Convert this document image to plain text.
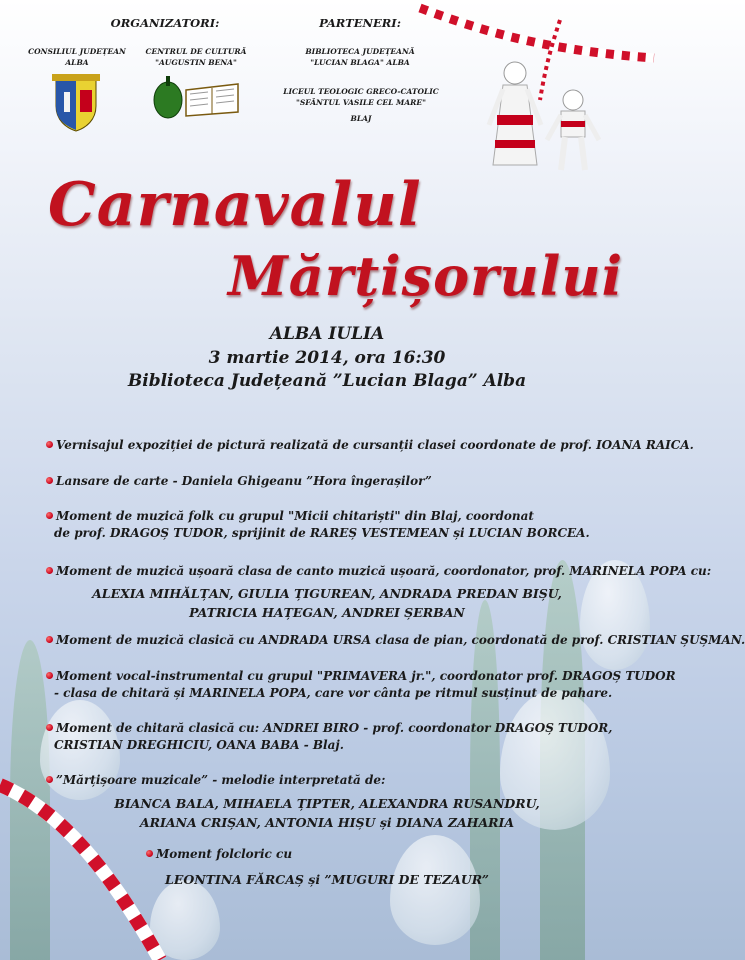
ORGANIZATORI:
CONSILIUL JUDEȚEAN
ALBA
CENTRUL DE CULTURĂ
"AUGUSTIN BENA"
PARTENERI:
BIBLIOTECA JUDEȚEANĂ
"LUCIAN BLAGA" ALBA
LICEUL TEOLOGIC GRECO-CATOLIC
"SFÂNTUL VASILE CEL MARE"
BLAJ
Carnavalul
Mărțișorului
ALBA IULIA
3 martie 2014, ora 16:30
Biblioteca Județeană ”Lucian Blaga” Alba
Vernisajul expoziției de pictură realizată de cursanții clasei coordonate de prof. IOANA RAICA.
Lansare de carte - Daniela Ghigeanu ”Hora îngerașilor”
Moment de muzică folk cu grupul "Micii chitariști" din Blaj, coordonat
de prof. DRAGOȘ TUDOR, sprijinit de RAREȘ VESTEMEAN și LUCIAN BORCEA.
Moment de muzică ușoară clasa de canto muzică ușoară, coordonator, prof. MARINELA POPA cu:
ALEXIA MIHĂLȚAN, GIULIA ȚIGUREAN, ANDRADA PREDAN BIȘU,
PATRICIA HAȚEGAN, ANDREI ȘERBAN
Moment de muzică clasică cu ANDRADA URSA clasa de pian, coordonată de prof. CRISTIAN ȘUȘMAN.
Moment vocal-instrumental cu grupul "PRIMAVERA jr.", coordonator prof. DRAGOȘ TUDOR
- clasa de chitară și MARINELA POPA, care vor cânta pe ritmul susținut de pahare.
Moment de chitară clasică cu: ANDREI BIRO - prof. coordonator DRAGOȘ TUDOR,
CRISTIAN DREGHICIU, OANA BABA - Blaj.
”Mărțișoare muzicale” - melodie interpretată de:
BIANCA BALA, MIHAELA ȚIPTER, ALEXANDRA RUSANDRU,
ARIANA CRIȘAN, ANTONIA HIȘU și DIANA ZAHARIA
Moment folcloric cu
LEONTINA FĂRCAȘ și ”MUGURI DE TEZAUR”
